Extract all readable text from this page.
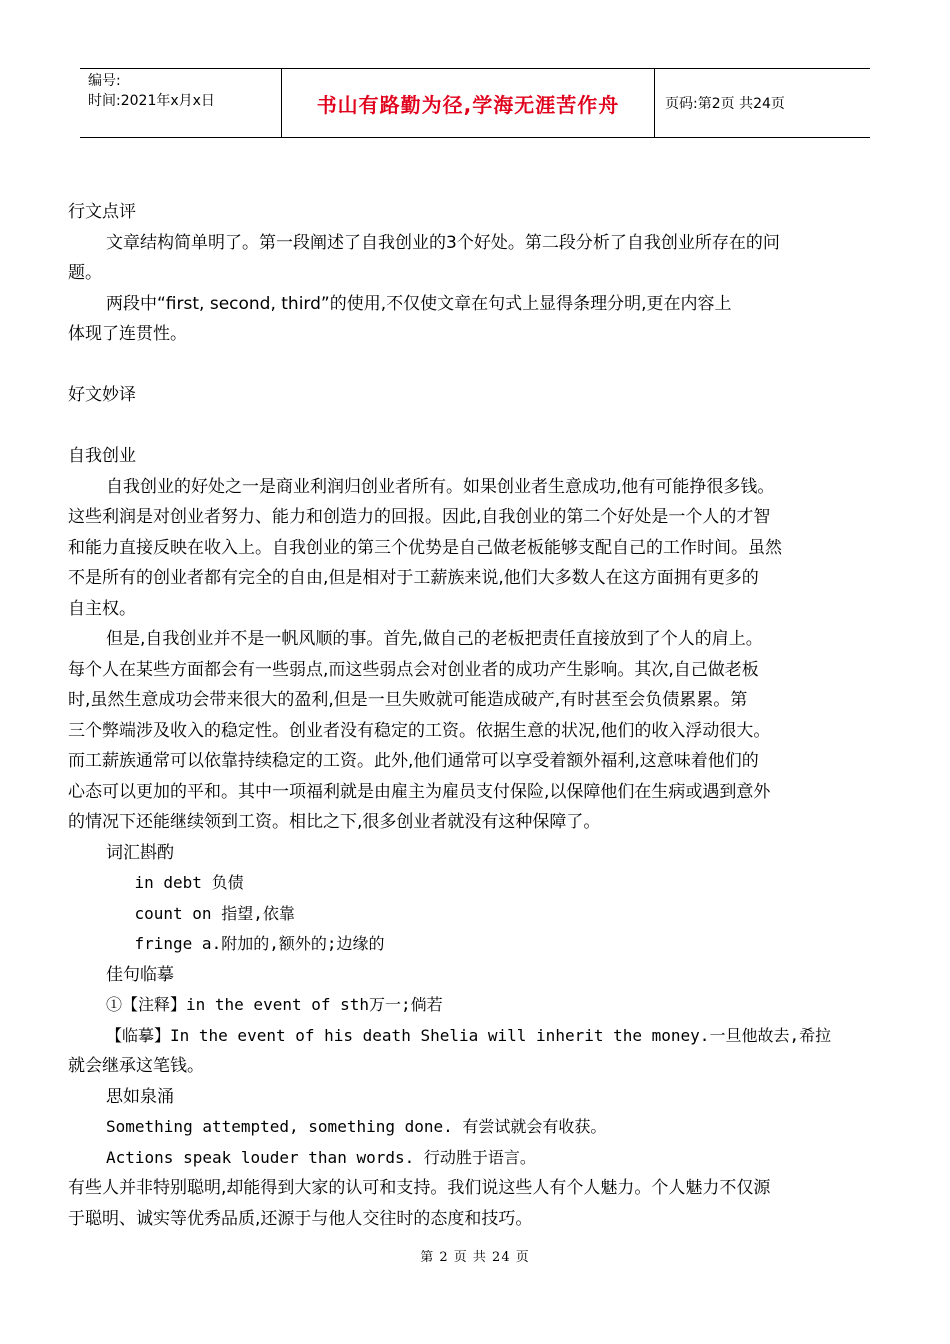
编号:
时间:2021年x月x日	书山有路勤为径,学海无涯苦作舟	页码:第2页 共24页
行文点评
文章结构简单明了。第一段阐述了自我创业的3个好处。第二段分析了自我创业所存在的问
题。
两段中“first, second, third”的使用,不仅使文章在句式上显得条理分明,更在内容上
体现了连贯性。
好文妙译
自我创业
自我创业的好处之一是商业利润归创业者所有。如果创业者生意成功,他有可能挣很多钱。
这些利润是对创业者努力、能力和创造力的回报。因此,自我创业的第二个好处是一个人的才智
和能力直接反映在收入上。自我创业的第三个优势是自己做老板能够支配自己的工作时间。虽然
不是所有的创业者都有完全的自由,但是相对于工薪族来说,他们大多数人在这方面拥有更多的
自主权。
但是,自我创业并不是一帆风顺的事。首先,做自己的老板把责任直接放到了个人的肩上。
每个人在某些方面都会有一些弱点,而这些弱点会对创业者的成功产生影响。其次,自己做老板
时,虽然生意成功会带来很大的盈利,但是一旦失败就可能造成破产,有时甚至会负债累累。第
三个弊端涉及收入的稳定性。创业者没有稳定的工资。依据生意的状况,他们的收入浮动很大。
而工薪族通常可以依靠持续稳定的工资。此外,他们通常可以享受着额外福利,这意味着他们的
心态可以更加的平和。其中一项福利就是由雇主为雇员支付保险,以保障他们在生病或遇到意外
的情况下还能继续领到工资。相比之下,很多创业者就没有这种保障了。
词汇斟酌
in debt 负债
count on 指望,依靠
fringe a.附加的,额外的;边缘的
佳句临摹
①【注释】in the event of sth万一;倘若
【临摹】In the event of his death Shelia will inherit the money.一旦他故去,希拉
就会继承这笔钱。
思如泉涌
Something attempted, something done. 有尝试就会有收获。
Actions speak louder than words. 行动胜于语言。
有些人并非特别聪明,却能得到大家的认可和支持。我们说这些人有个人魅力。个人魅力不仅源
于聪明、诚实等优秀品质,还源于与他人交往时的态度和技巧。
第 2 页 共 24 页
